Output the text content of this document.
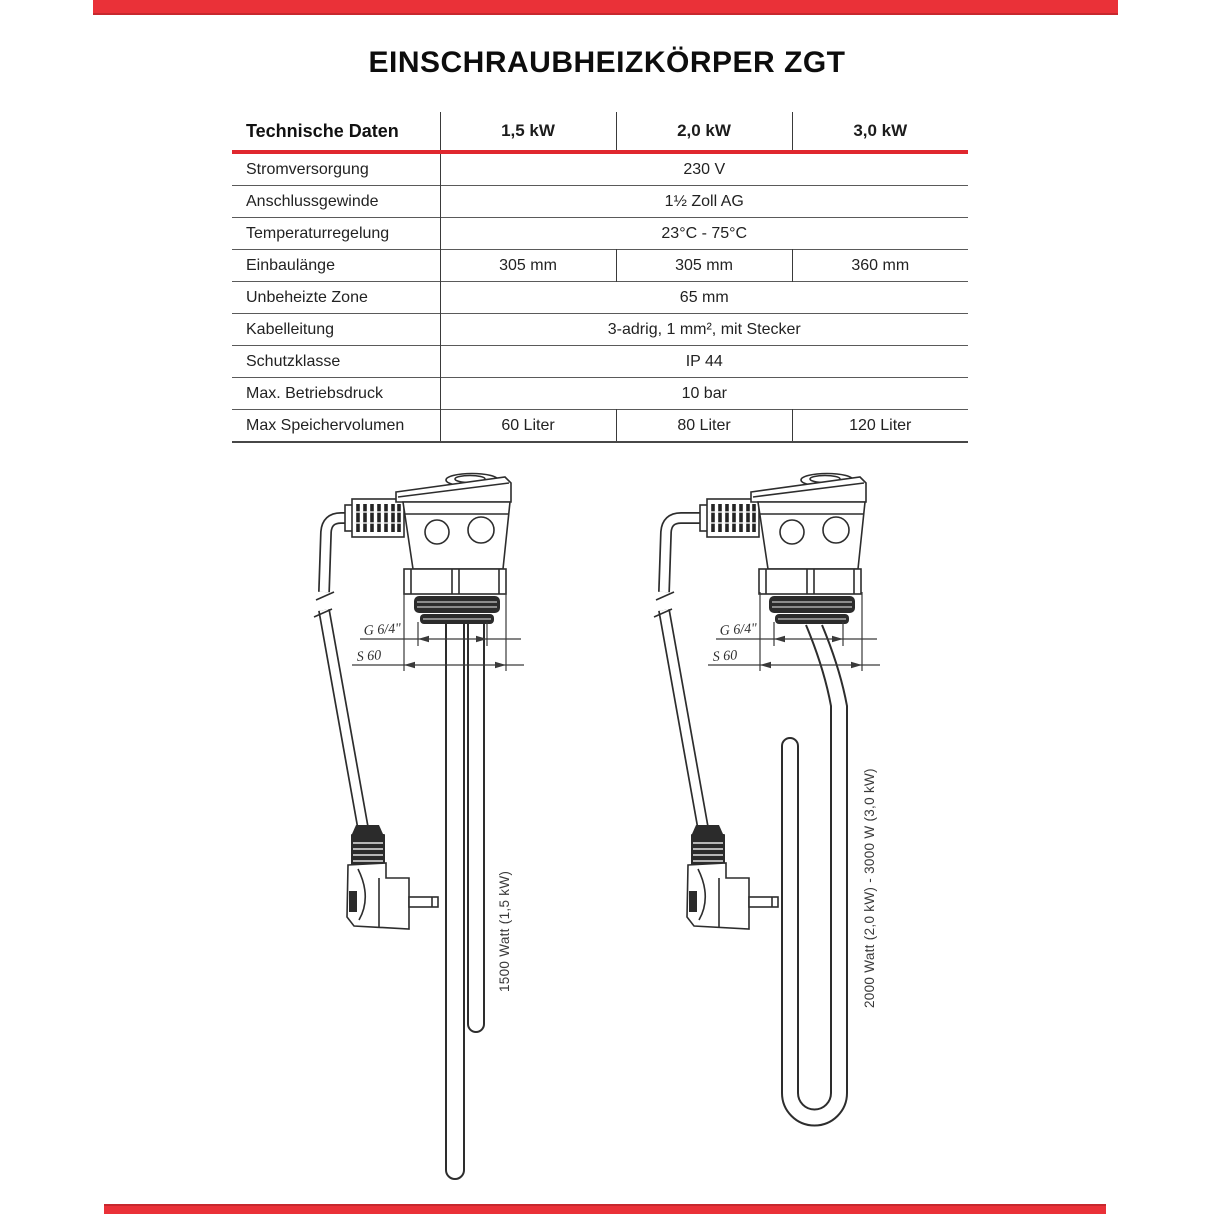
EINSCHRAUBHEIZKÖRPER ZGT
Technische Daten	1,5 kW	2,0 kW	3,0 kW
Stromversorgung	230 V		
Anschlussgewinde	1½ Zoll AG		
Temperaturregelung	23°C - 75°C		
Einbaulänge	305 mm	305 mm	360 mm
Unbeheizte Zone	65 mm		
Kabelleitung	3-adrig, 1 mm², mit Stecker		
Schutzklasse	IP 44		
Max. Betriebsdruck	10 bar		
Max Speichervolumen	60 Liter	80 Liter	120 Liter
G 6/4"
S 60
1500 Watt (1,5 kW)	2000 Watt (2,0 kW) - 3000 W (3,0 kW)
